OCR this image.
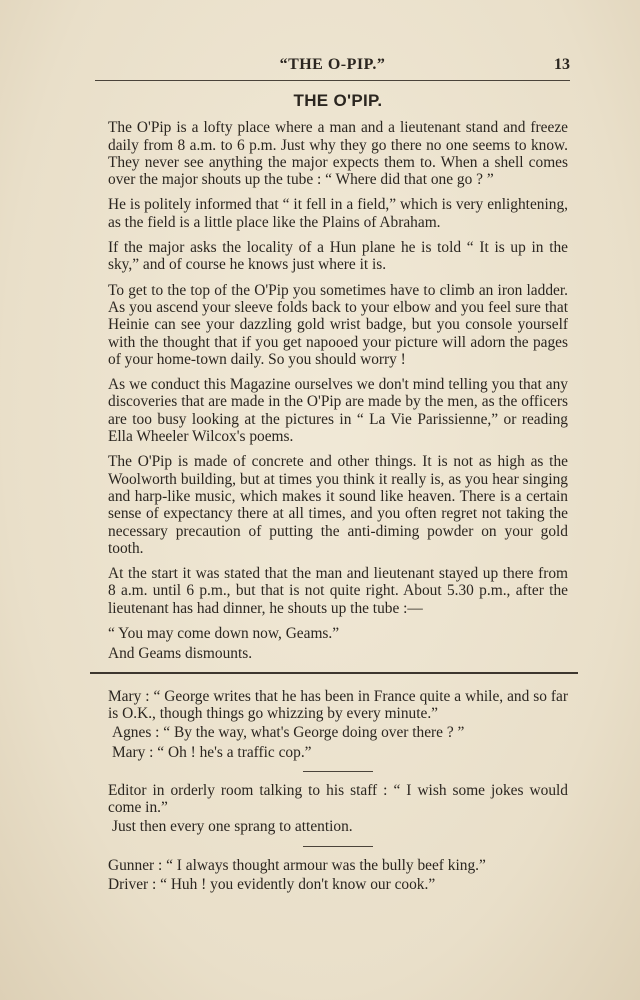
“THE O-PIP.”	13
THE O'PIP.

The O'Pip is a lofty place where a man and a lieutenant stand and freeze daily from 8 a.m. to 6 p.m. Just why they go there no one seems to know. They never see anything the major expects them to. When a shell comes over the major shouts up the tube : “ Where did that one go ? ”

He is politely informed that “ it fell in a field,” which is very enlightening, as the field is a little place like the Plains of Abraham.

If the major asks the locality of a Hun plane he is told “ It is up in the sky,” and of course he knows just where it is.

To get to the top of the O'Pip you sometimes have to climb an iron ladder. As you ascend your sleeve folds back to your elbow and you feel sure that Heinie can see your dazzling gold wrist badge, but you console yourself with the thought that if you get napooed your picture will adorn the pages of your home-town daily. So you should worry !

As we conduct this Magazine ourselves we don't mind telling you that any discoveries that are made in the O'Pip are made by the men, as the officers are too busy looking at the pictures in “ La Vie Parissienne,” or reading Ella Wheeler Wilcox's poems.

The O'Pip is made of concrete and other things. It is not as high as the Woolworth building, but at times you think it really is, as you hear singing and harp-like music, which makes it sound like heaven. There is a certain sense of expectancy there at all times, and you often regret not taking the necessary precaution of putting the anti-diming powder on your gold tooth.

At the start it was stated that the man and lieutenant stayed up there from 8 a.m. until 6 p.m., but that is not quite right. About 5.30 p.m., after the lieutenant has had dinner, he shouts up the tube :—

“ You may come down now, Geams.”

And Geams dismounts.

Mary : “ George writes that he has been in France quite a while, and so far is O.K., though things go whizzing by every minute.”

Agnes : “ By the way, what's George doing over there ? ”

Mary : “ Oh ! he's a traffic cop.”

Editor in orderly room talking to his staff : “ I wish some jokes would come in.”

Just then every one sprang to attention.

Gunner : “ I always thought armour was the bully beef king.”

Driver : “ Huh ! you evidently don't know our cook.”
